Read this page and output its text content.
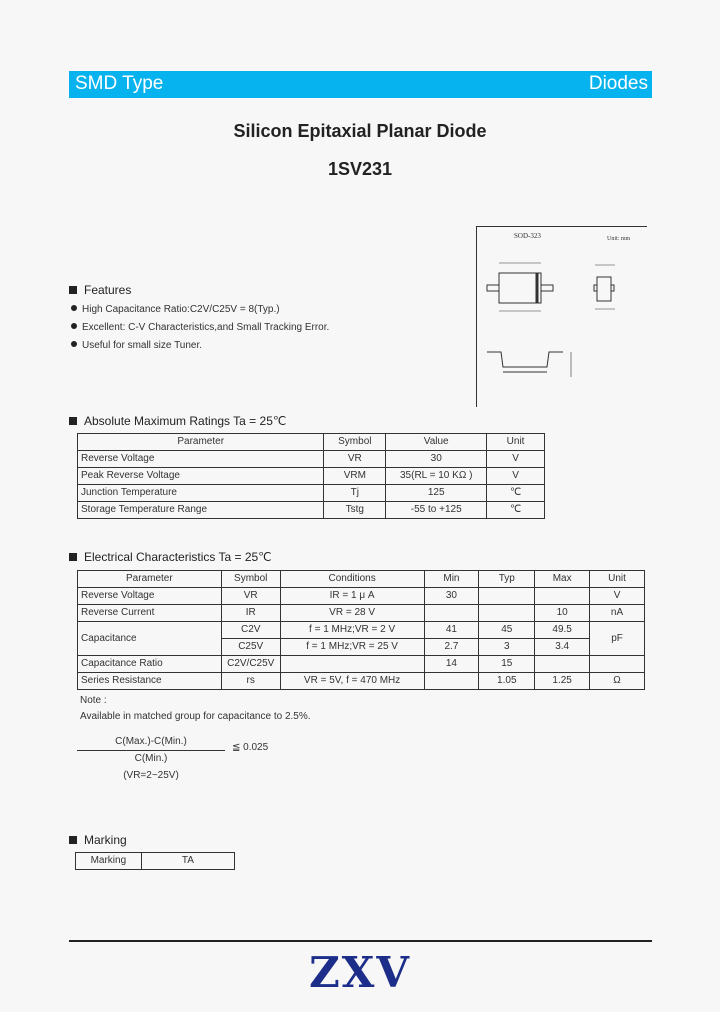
SMD Type	Diodes
Silicon Epitaxial Planar Diode
1SV231
SOD-323	Unit: mm
Features
High Capacitance Ratio:C2V/C25V = 8(Typ.)
Excellent: C-V Characteristics,and Small Tracking Error.
Useful for small size Tuner.
Absolute Maximum Ratings Ta = 25℃
Parameter	Symbol	Value	Unit
Reverse Voltage	VR	30	V
Peak Reverse Voltage	VRM	35(RL = 10 KΩ )	V
Junction Temperature	Tj	125	℃
Storage Temperature Range	Tstg	-55 to +125	℃
Electrical Characteristics Ta = 25℃
Parameter	Symbol	Conditions	Min	Typ	Max	Unit
Reverse Voltage	VR	IR = 1 μ A	30			V
Reverse Current	IR	VR = 28 V			10	nA
Capacitance	C2V	f = 1 MHz;VR = 2 V	41	45	49.5	pF
	C25V	f = 1 MHz;VR = 25 V	2.7	3	3.4	
Capacitance Ratio	C2V/C25V		14	15		
Series Resistance	rs	VR = 5V, f = 470 MHz		1.05	1.25	Ω
Note :
Available in matched group for capacitance to 2.5%.
C(Max.)-C(Min.)
C(Min.)
(VR=2~25V)
≦ 0.025
Marking
Marking	TA
ZXV
